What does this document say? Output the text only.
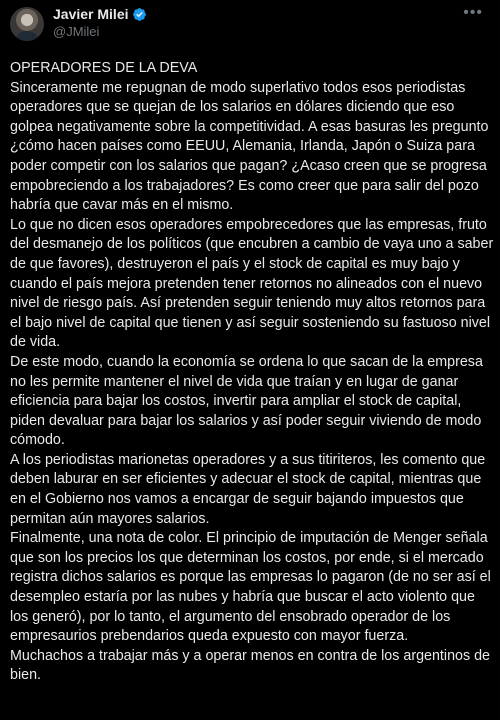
Javier Milei
@JMilei
•••

OPERADORES DE LA DEVA

Sinceramente me repugnan de modo superlativo todos esos periodistas operadores que se quejan de los salarios en dólares diciendo que eso golpea negativamente sobre la competitividad. A esas basuras les pregunto ¿cómo hacen países como EEUU, Alemania, Irlanda, Japón o Suiza para poder competir con los salarios que pagan? ¿Acaso creen que se progresa empobreciendo a los trabajadores? Es como creer que para salir del pozo habría que cavar más en el mismo.

Lo que no dicen esos operadores empobrecedores que las empresas, fruto del desmanejo de los políticos (que encubren a cambio de vaya uno a saber de que favores), destruyeron el país y el stock de capital es muy bajo y cuando el país mejora pretenden tener retornos no alineados con el nuevo nivel de riesgo país. Así pretenden seguir teniendo muy altos retornos para el bajo nivel de capital que tienen y así seguir sosteniendo su fastuoso nivel de vida.

De este modo, cuando la economía se ordena lo que sacan de la empresa no les permite mantener el nivel de vida que traían y en lugar de ganar eficiencia para bajar los costos, invertir para ampliar el stock de capital, piden devaluar para bajar los salarios y así poder seguir viviendo de modo cómodo.

A los periodistas marionetas operadores y a sus titiriteros, les comento que deben laburar en ser eficientes y adecuar el stock de capital, mientras que en el Gobierno nos vamos a encargar de seguir bajando impuestos que permitan aún mayores salarios.

Finalmente, una nota de color. El principio de imputación de Menger señala que son los precios los que determinan los costos, por ende, si el mercado registra dichos salarios es porque las empresas lo pagaron (de no ser así el desempleo estaría por las nubes y habría que buscar el acto violento que los generó), por lo tanto, el argumento del ensobrado operador de los empresaurios prebendarios queda expuesto con mayor fuerza.

Muchachos a trabajar más y a operar menos en contra de los argentinos de bien.
